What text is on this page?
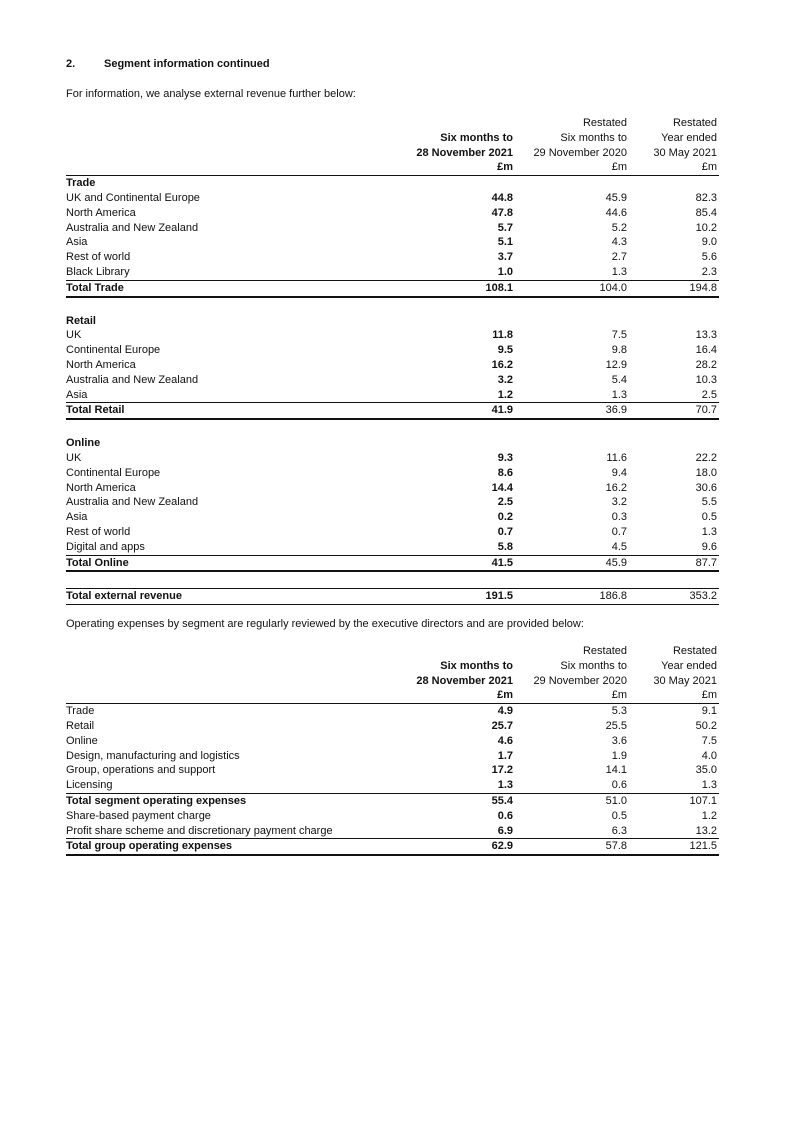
2.	Segment information continued
For information, we analyse external revenue further below:
		Restated	Restated
	Six months to	Six months to	Year ended
	28 November 2021	29 November 2020	30 May 2021
	£m	£m	£m
Trade			
UK and Continental Europe	44.8	45.9	82.3
North America	47.8	44.6	85.4
Australia and New Zealand	5.7	5.2	10.2
Asia	5.1	4.3	9.0
Rest of world	3.7	2.7	5.6
Black Library	1.0	1.3	2.3
Total Trade	108.1	104.0	194.8

Retail			
UK	11.8	7.5	13.3
Continental Europe	9.5	9.8	16.4
North America	16.2	12.9	28.2
Australia and New Zealand	3.2	5.4	10.3
Asia	1.2	1.3	2.5
Total Retail	41.9	36.9	70.7

Online			
UK	9.3	11.6	22.2
Continental Europe	8.6	9.4	18.0
North America	14.4	16.2	30.6
Australia and New Zealand	2.5	3.2	5.5
Asia	0.2	0.3	0.5
Rest of world	0.7	0.7	1.3
Digital and apps	5.8	4.5	9.6
Total Online	41.5	45.9	87.7

Total external revenue	191.5	186.8	353.2
Operating expenses by segment are regularly reviewed by the executive directors and are provided below:
		Restated	Restated
	Six months to	Six months to	Year ended
	28 November 2021	29 November 2020	30 May 2021
	£m	£m	£m
Trade	4.9	5.3	9.1
Retail	25.7	25.5	50.2
Online	4.6	3.6	7.5
Design, manufacturing and logistics	1.7	1.9	4.0
Group, operations and support	17.2	14.1	35.0
Licensing	1.3	0.6	1.3
Total segment operating expenses	55.4	51.0	107.1
Share-based payment charge	0.6	0.5	1.2
Profit share scheme and discretionary payment charge	6.9	6.3	13.2
Total group operating expenses	62.9	57.8	121.5
